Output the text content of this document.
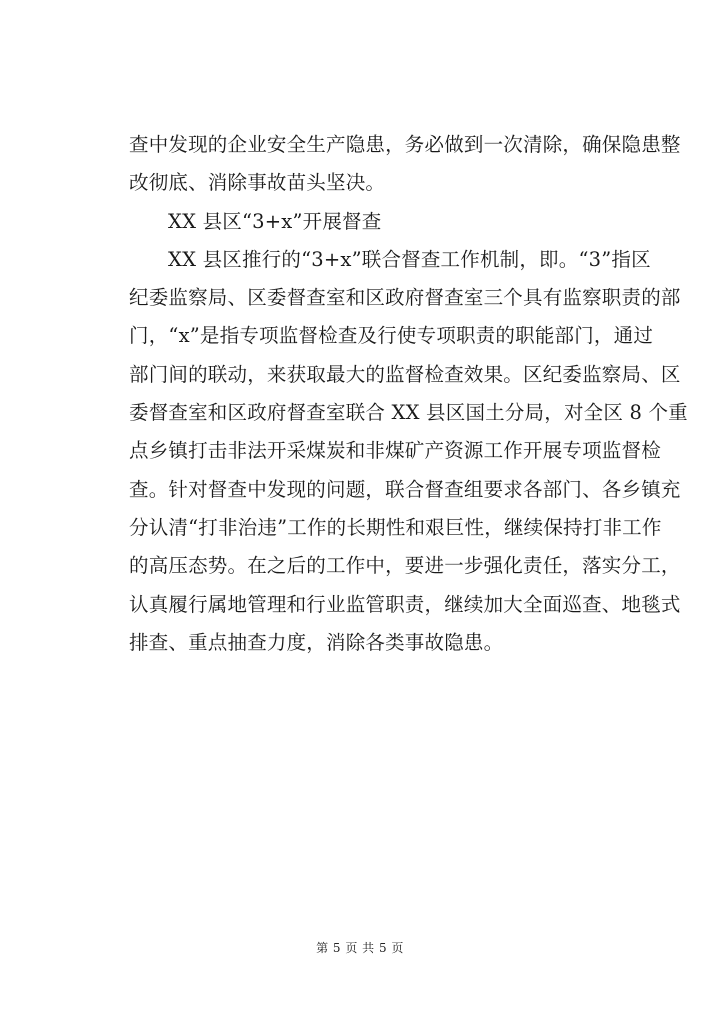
查中发现的企业安全生产隐患，务必做到一次清除，确保隐患整
改彻底、消除事故苗头坚决。
XX 县区“3+x”开展督查
XX 县区推行的“3+x”联合督查工作机制，即。“3”指区
纪委监察局、区委督查室和区政府督查室三个具有监察职责的部
门，“x”是指专项监督检查及行使专项职责的职能部门，通过
部门间的联动，来获取最大的监督检查效果。区纪委监察局、区
委督查室和区政府督查室联合 XX 县区国土分局，对全区 8 个重
点乡镇打击非法开采煤炭和非煤矿产资源工作开展专项监督检
查。针对督查中发现的问题，联合督查组要求各部门、各乡镇充
分认清“打非治违”工作的长期性和艰巨性，继续保持打非工作
的高压态势。在之后的工作中，要进一步强化责任，落实分工，
认真履行属地管理和行业监管职责，继续加大全面巡查、地毯式
排查、重点抽查力度，消除各类事故隐患。
第 5 页 共 5 页
